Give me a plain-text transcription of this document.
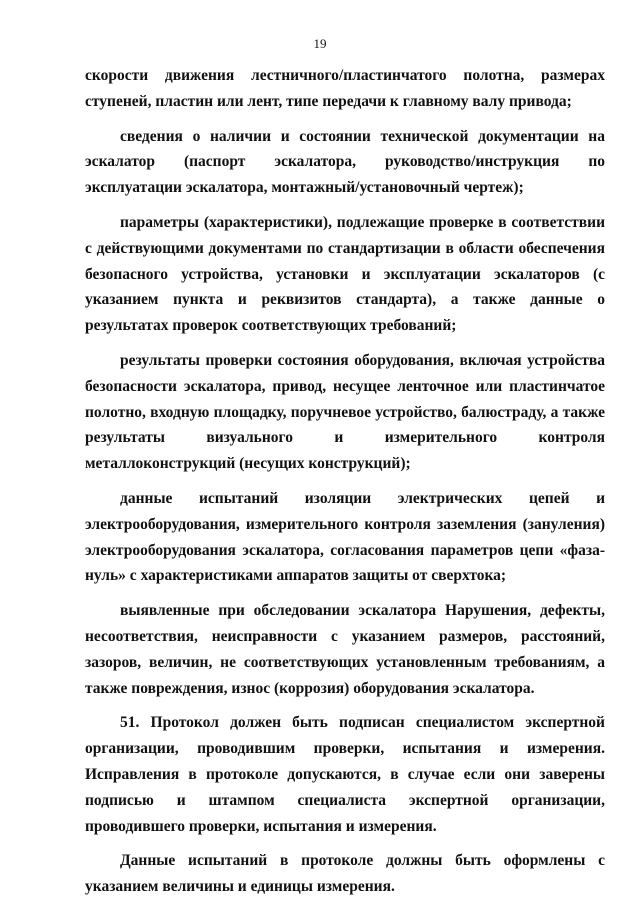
19

скорости движения лестничного/пластинчатого полотна, размерах ступеней, пластин или лент, типе передачи к главному валу привода;

сведения о наличии и состоянии технической документации на эскалатор (паспорт эскалатора, руководство/инструкция по эксплуатации эскалатора, монтажный/установочный чертеж);

параметры (характеристики), подлежащие проверке в соответствии с действующими документами по стандартизации в области обеспечения безопасного устройства, установки и эксплуатации эскалаторов (с указанием пункта и реквизитов стандарта), а также данные о результатах проверок соответствующих требований;

результаты проверки состояния оборудования, включая устройства безопасности эскалатора, привод, несущее ленточное или пластинчатое полотно, входную площадку, поручневое устройство, балюстраду, а также результаты визуального и измерительного контроля металлоконструкций (несущих конструкций);

данные испытаний изоляции электрических цепей и электрооборудования, измерительного контроля заземления (зануления) электрооборудования эскалатора, согласования параметров цепи «фаза-нуль» с характеристиками аппаратов защиты от сверхтока;

выявленные при обследовании эскалатора Нарушения, дефекты, несоответствия, неисправности с указанием размеров, расстояний, зазоров, величин, не соответствующих установленным требованиям, а также повреждения, износ (коррозия) оборудования эскалатора.

51. Протокол должен быть подписан специалистом экспертной организации, проводившим проверки, испытания и измерения. Исправления в протоколе допускаются, в случае если они заверены подписью и штампом специалиста экспертной организации, проводившего проверки, испытания и измерения.

Данные испытаний в протоколе должны быть оформлены с указанием величины и единицы измерения.
